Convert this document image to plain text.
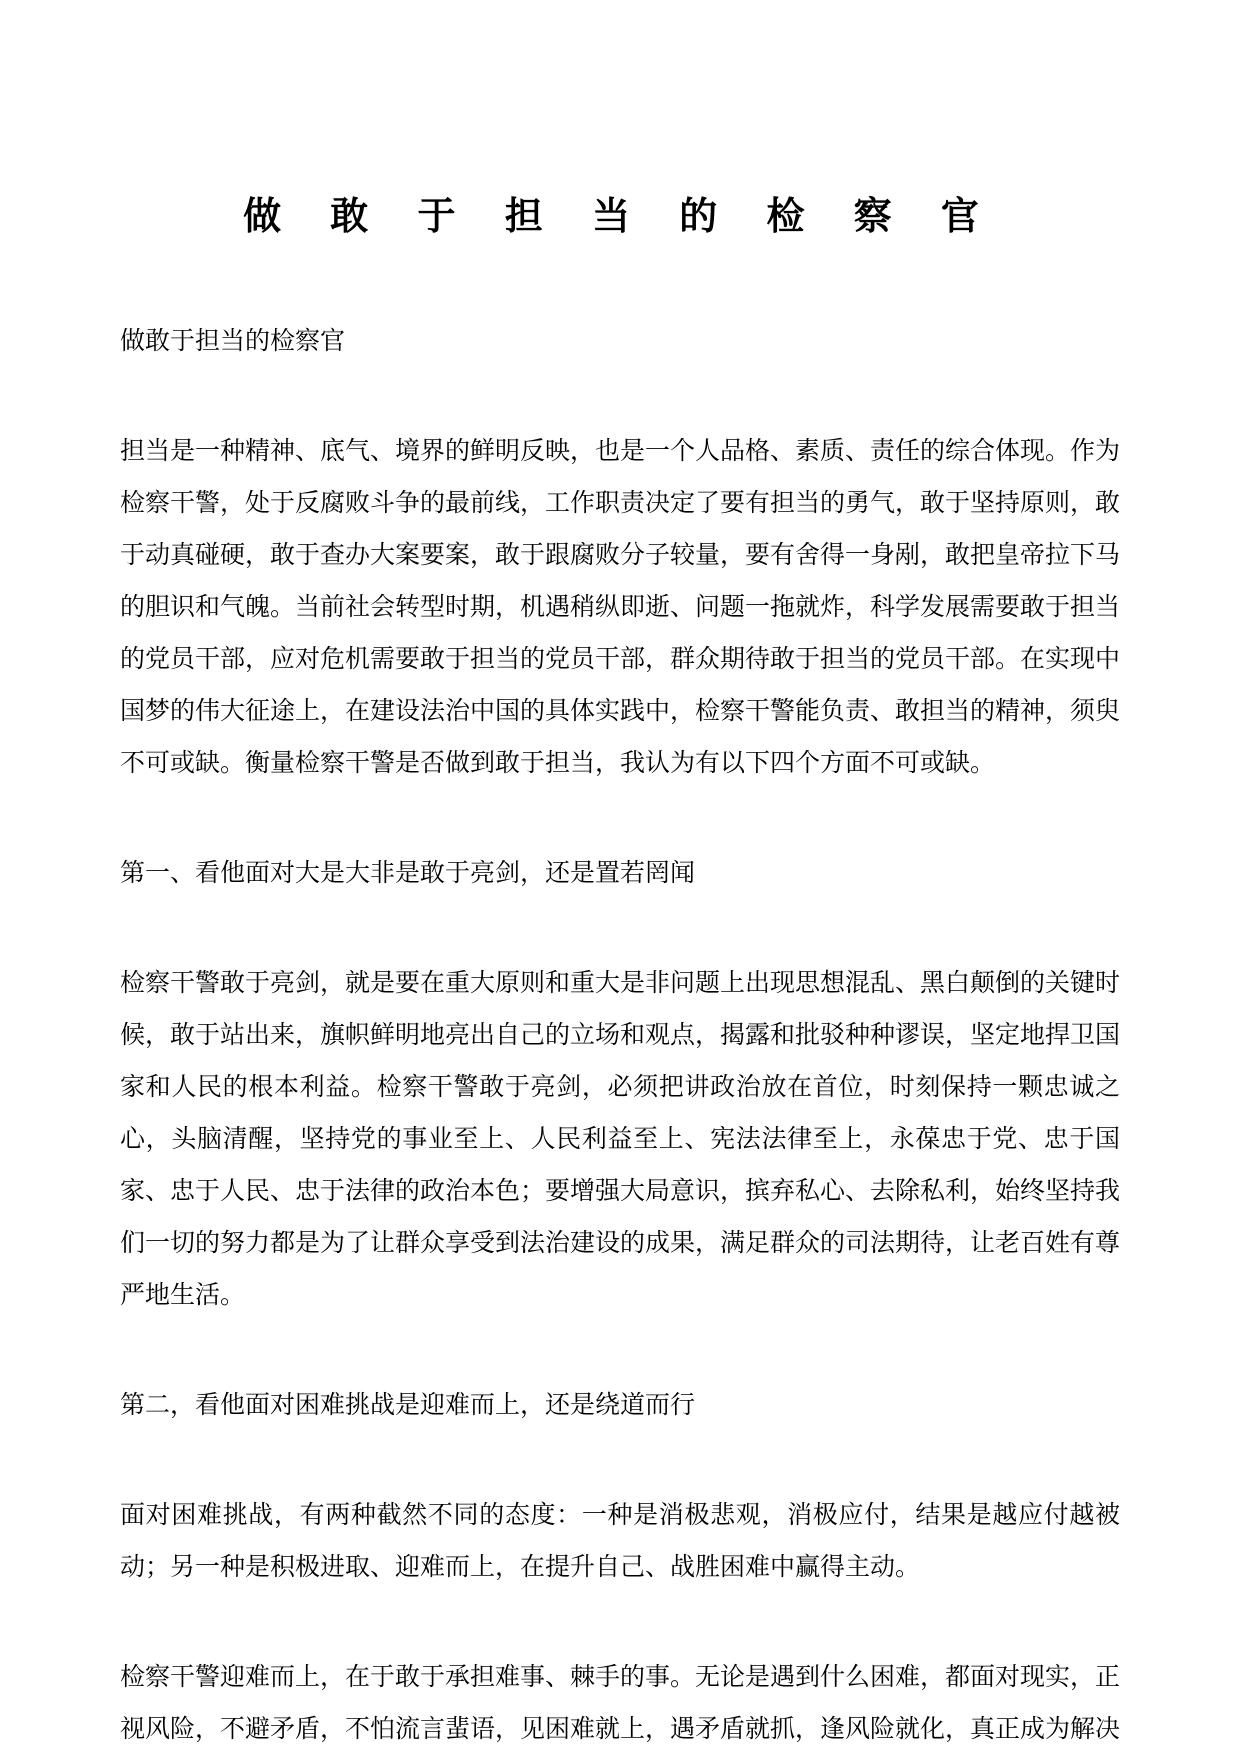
做 敢 于 担 当 的 检 察 官

做敢于担当的检察官

担当是一种精神、底气、境界的鲜明反映，也是一个人品格、素质、责任的综合体现。作为检察干警，处于反腐败斗争的最前线，工作职责决定了要有担当的勇气，敢于坚持原则，敢于动真碰硬，敢于查办大案要案，敢于跟腐败分子较量，要有舍得一身剐，敢把皇帝拉下马的胆识和气魄。当前社会转型时期，机遇稍纵即逝、问题一拖就炸，科学发展需要敢于担当的党员干部，应对危机需要敢于担当的党员干部，群众期待敢于担当的党员干部。在实现中国梦的伟大征途上，在建设法治中国的具体实践中，检察干警能负责、敢担当的精神，须臾不可或缺。衡量检察干警是否做到敢于担当，我认为有以下四个方面不可或缺。

第一、看他面对大是大非是敢于亮剑，还是置若罔闻

检察干警敢于亮剑，就是要在重大原则和重大是非问题上出现思想混乱、黑白颠倒的关键时候，敢于站出来，旗帜鲜明地亮出自己的立场和观点，揭露和批驳种种谬误，坚定地捍卫国家和人民的根本利益。检察干警敢于亮剑，必须把讲政治放在首位，时刻保持一颗忠诚之心，头脑清醒，坚持党的事业至上、人民利益至上、宪法法律至上，永葆忠于党、忠于国家、忠于人民、忠于法律的政治本色；要增强大局意识，摈弃私心、去除私利，始终坚持我们一切的努力都是为了让群众享受到法治建设的成果，满足群众的司法期待，让老百姓有尊严地生活。

第二，看他面对困难挑战是迎难而上，还是绕道而行

面对困难挑战，有两种截然不同的态度：一种是消极悲观，消极应付，结果是越应付越被动；另一种是积极进取、迎难而上，在提升自己、战胜困难中赢得主动。

检察干警迎难而上，在于敢于承担难事、棘手的事。无论是遇到什么困难，都面对现实，正视风险，不避矛盾，不怕流言蜚语，见困难就上，遇矛盾就抓，逢风险就化，真正成为解决
